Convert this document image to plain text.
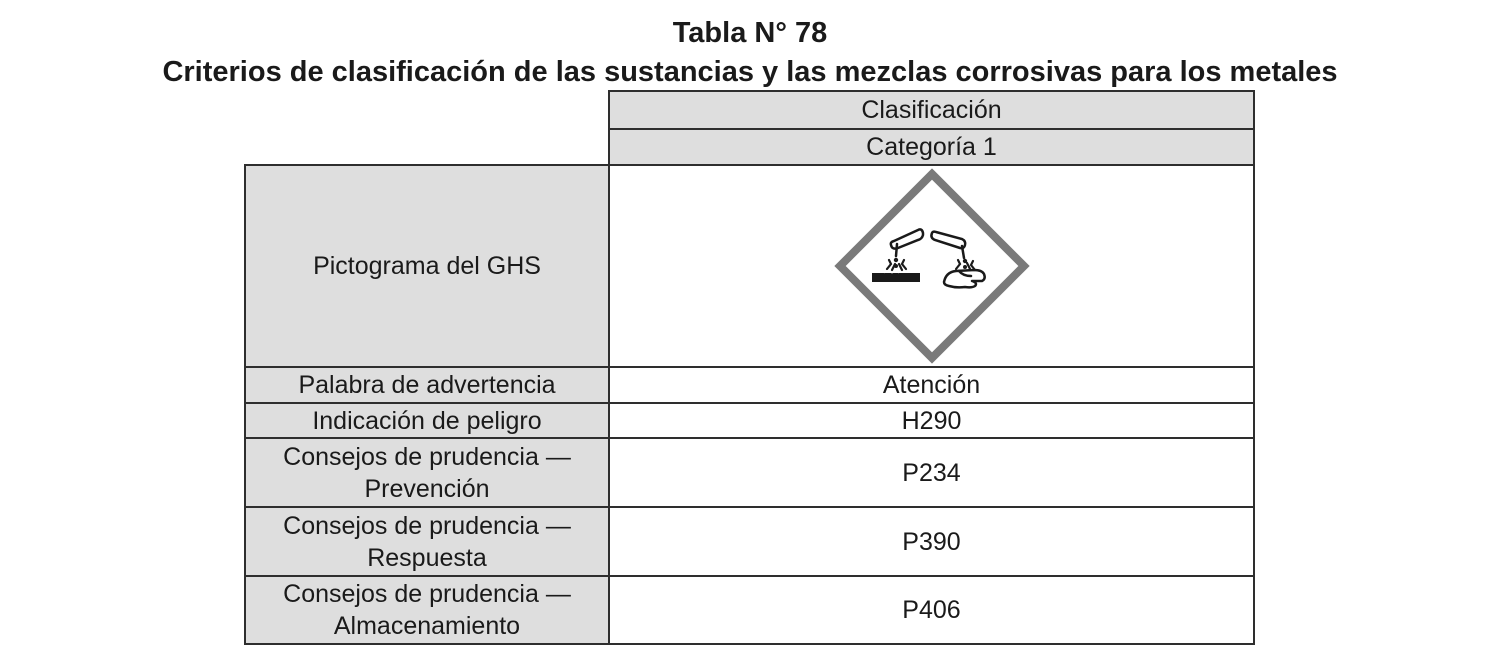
Tabla N° 78
Criterios de clasificación de las sustancias y las mezclas corrosivas para los metales
Clasificación
Categoría 1
Pictograma del GHS
Palabra de advertencia	Atención
Indicación de peligro	H290
Consejos de prudencia —
Prevención
P234
Consejos de prudencia —
Respuesta
P390
Consejos de prudencia —
Almacenamiento
P406
